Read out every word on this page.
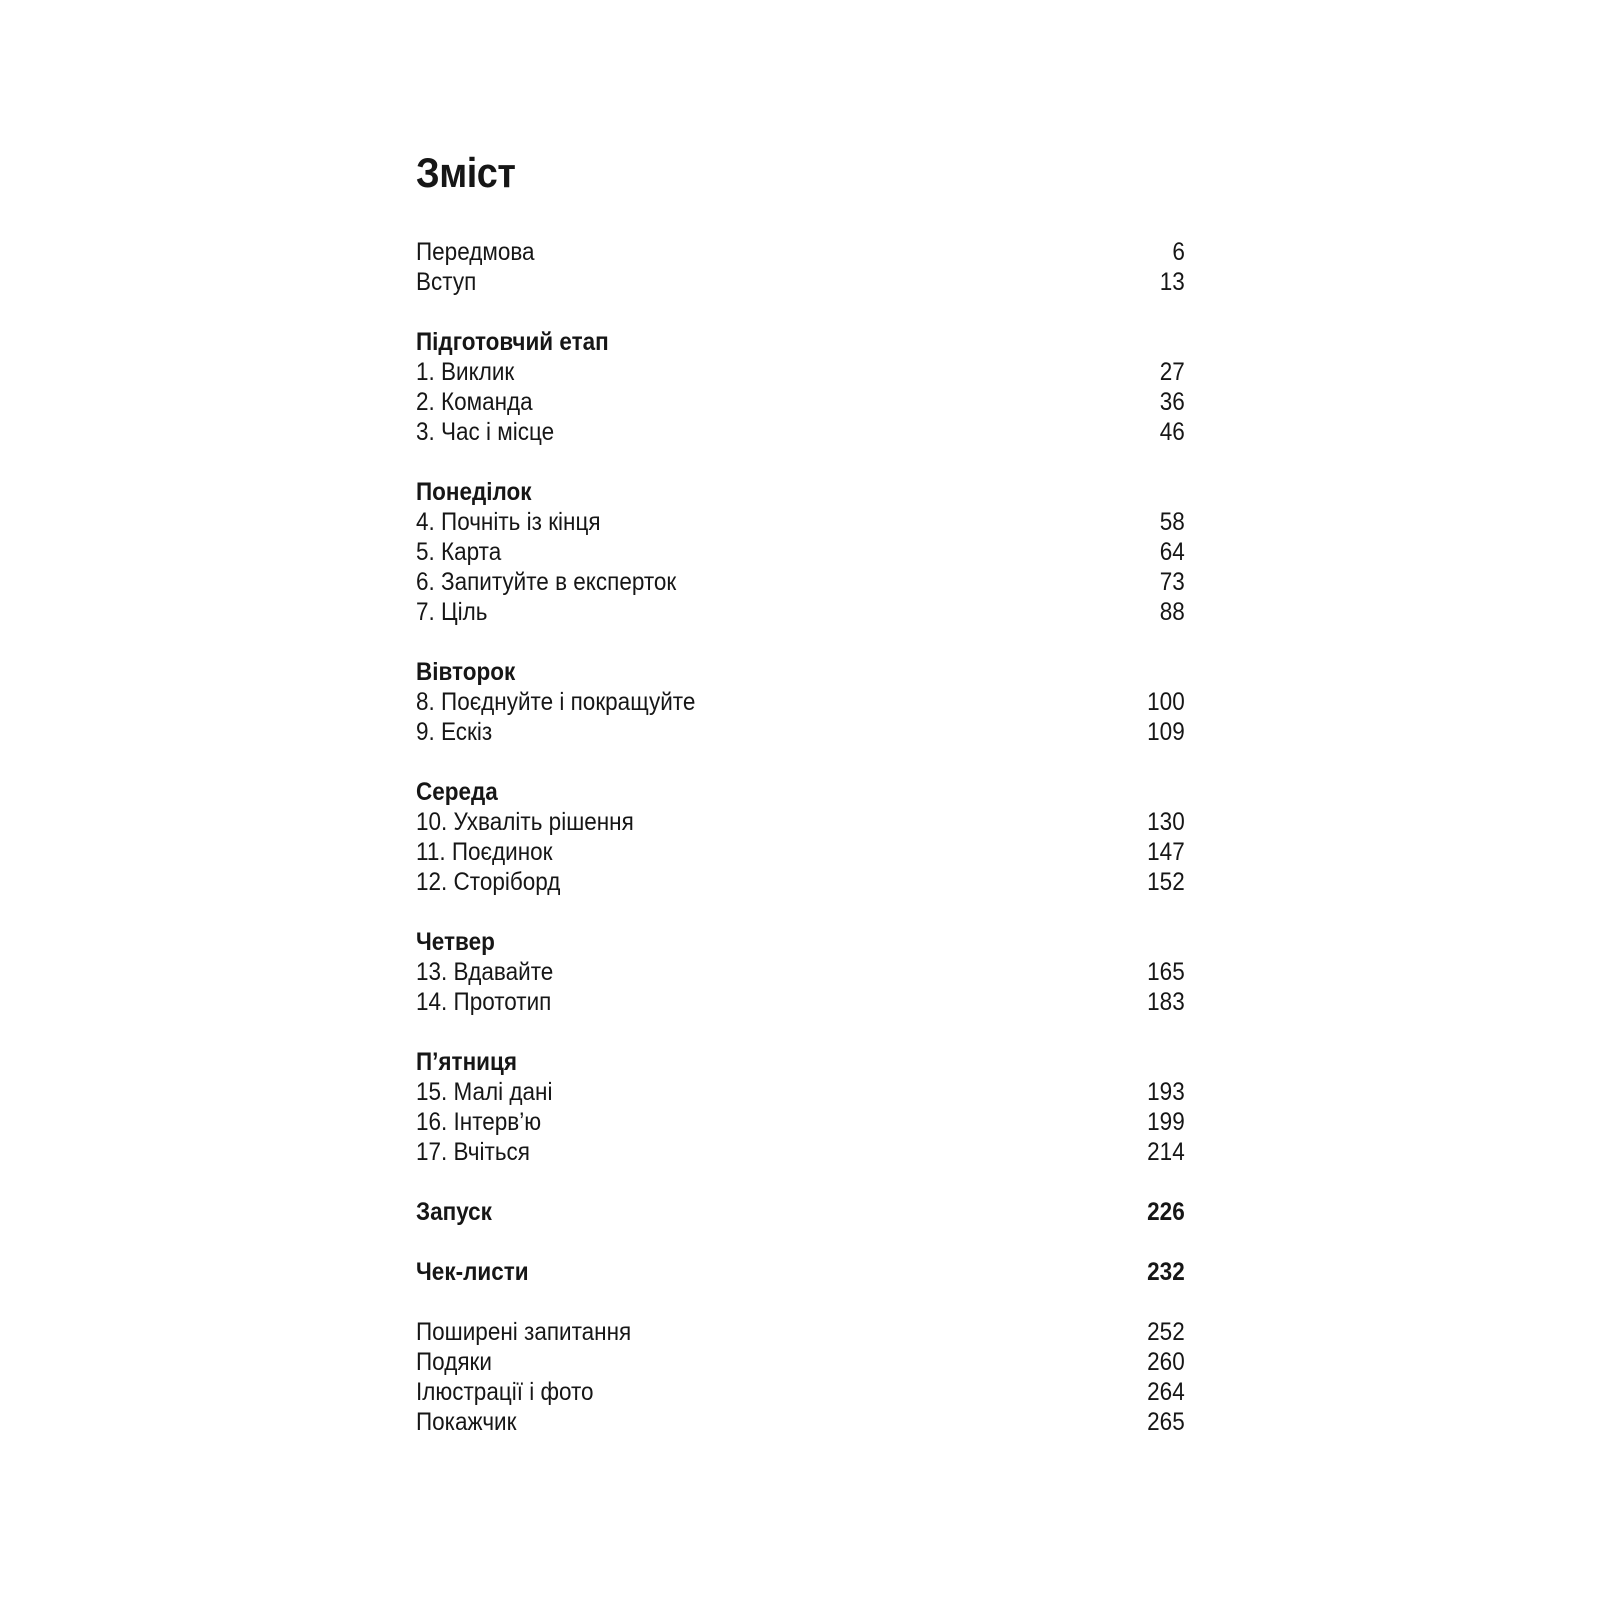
Зміст
Передмова	6
Вступ	13
Підготовчий етап
1. Виклик	27
2. Команда	36
3. Час і місце	46
Понеділок
4. Почніть із кінця	58
5. Карта	64
6. Запитуйте в експерток	73
7. Ціль	88
Вівторок
8. Поєднуйте і покращуйте	100
9. Ескіз	109
Середа
10. Ухваліть рішення	130
11. Поєдинок	147
12. Сторіборд	152
Четвер
13. Вдавайте	165
14. Прототип	183
П’ятниця
15. Малі дані	193
16. Інтерв’ю	199
17. Вчіться	214
Запуск	226
Чек-листи	232
Поширені запитання	252
Подяки	260
Ілюстрації і фото	264
Покажчик	265
